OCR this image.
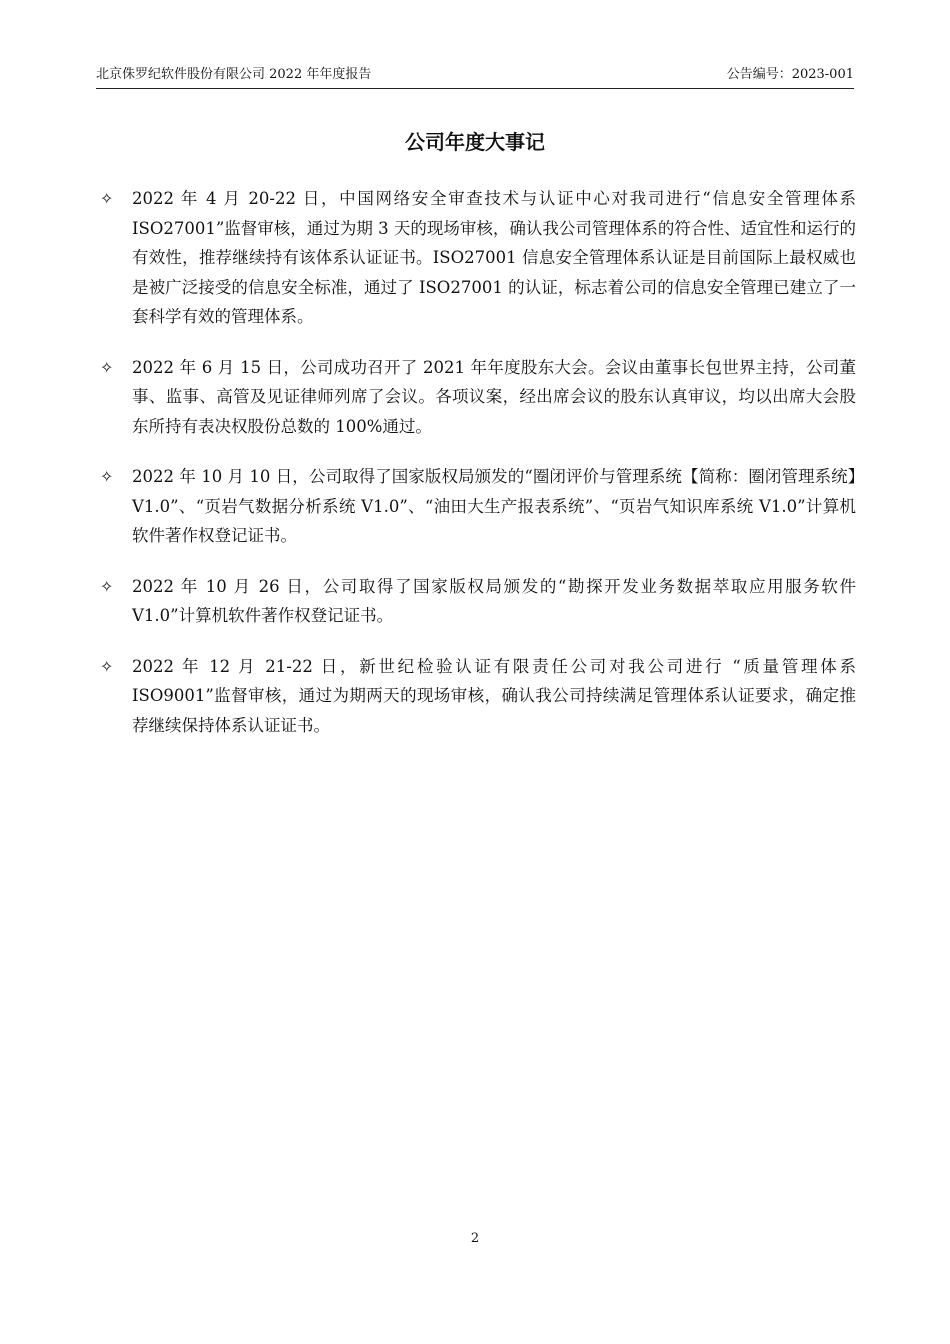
北京侏罗纪软件股份有限公司 2022 年年度报告	公告编号：2023-001
公司年度大事记
✧ 2022 年 4 月 20-22 日，中国网络安全审查技术与认证中心对我司进行“信息安全管理体系 ISO27001”监督审核，通过为期 3 天的现场审核，确认我公司管理体系的符合性、适宜性和运行的有效性，推荐继续持有该体系认证证书。ISO27001 信息安全管理体系认证是目前国际上最权威也是被广泛接受的信息安全标准，通过了 ISO27001 的认证，标志着公司的信息安全管理已建立了一套科学有效的管理体系。
✧ 2022 年 6 月 15 日，公司成功召开了 2021 年年度股东大会。会议由董事长包世界主持，公司董事、监事、高管及见证律师列席了会议。各项议案，经出席会议的股东认真审议，均以出席大会股东所持有表决权股份总数的 100%通过。
✧ 2022 年 10 月 10 日，公司取得了国家版权局颁发的“圈闭评价与管理系统【简称：圈闭管理系统】V1.0”、“页岩气数据分析系统 V1.0”、“油田大生产报表系统”、“页岩气知识库系统 V1.0”计算机软件著作权登记证书。
✧ 2022 年 10 月 26 日，公司取得了国家版权局颁发的“勘探开发业务数据萃取应用服务软件 V1.0”计算机软件著作权登记证书。
✧ 2022 年 12 月 21-22 日，新世纪检验认证有限责任公司对我公司进行 “质量管理体系 ISO9001”监督审核，通过为期两天的现场审核，确认我公司持续满足管理体系认证要求，确定推荐继续保持体系认证证书。
2
